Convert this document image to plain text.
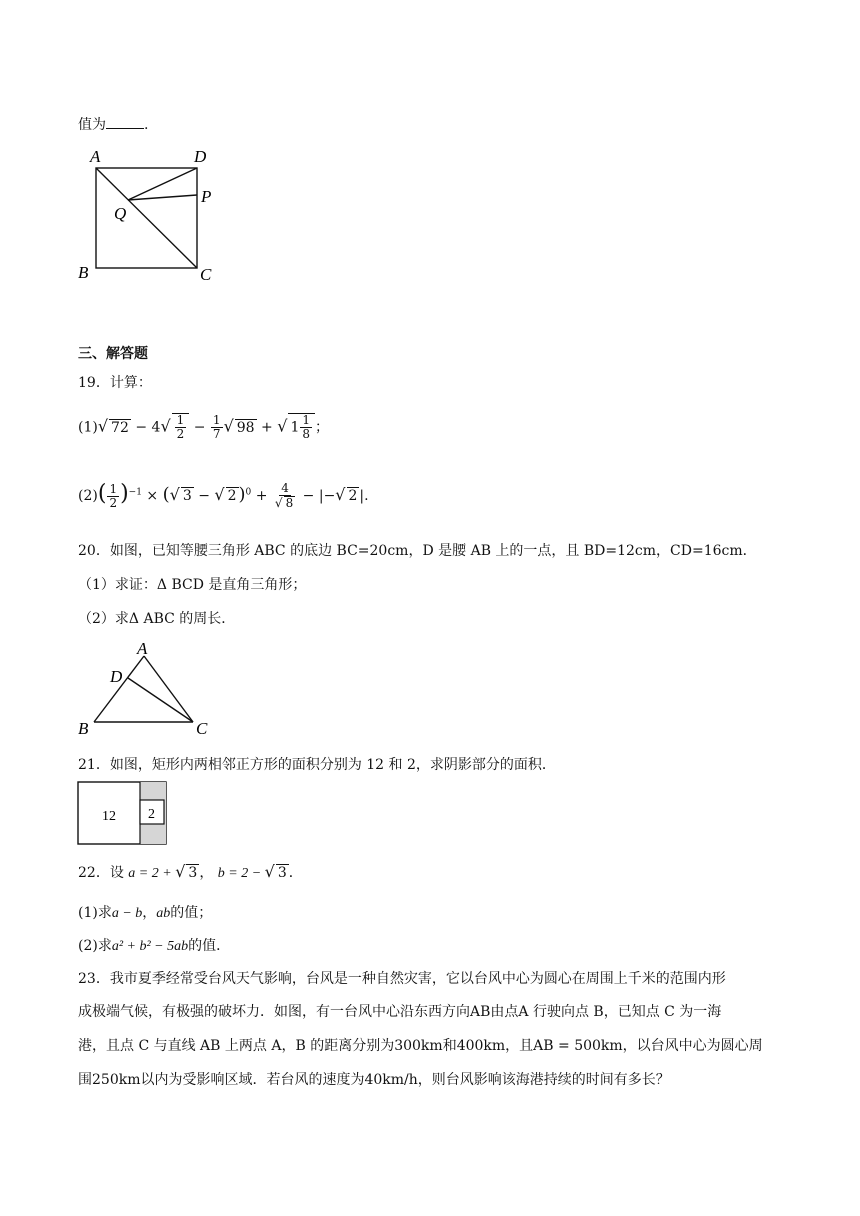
值为	.
A	D
P
Q
B	C
三、解答题
19．计算：
(1)√ $72 - 4√ \frac{1}{2} - \frac{1}{7}$ √ 98 + √ $1 \frac{1}{8}$ ；
$(2)( \frac{1}{2} )^{-1}$ × (√ 3 − √ 2 )$^0 + \frac{4}{√ 8}$ − |−√ 2 |.
20．如图，已知等腰三角形 ABC 的底边 BC=20cm，D 是腰 AB 上的一点，且 BD=12cm，CD=16cm．
（1）求证：Δ BCD 是直角三角形；
（2）求Δ ABC 的周长．
A
D
B	C
21．如图，矩形内两相邻正方形的面积分别为 12 和 2，求阴影部分的面积．
12 2
22．设 a = 2 + √ 3 ， b = 2 − √ 3 ．
(1)求a − b，ab的值；
(2)求a² + b² − 5ab的值．
23．我市夏季经常受台风天气影响，台风是一种自然灾害，它以台风中心为圆心在周围上千米的范围内形
成极端气候，有极强的破坏力．如图，有一台风中心沿东西方向AB由点A 行驶向点 B，已知点 C 为一海
港，且点 C 与直线 AB 上两点 A，B 的距离分别为300km和400km，且AB = 500km，以台风中心为圆心周
围250km以内为受影响区域．若台风的速度为40km/h，则台风影响该海港持续的时间有多长？
